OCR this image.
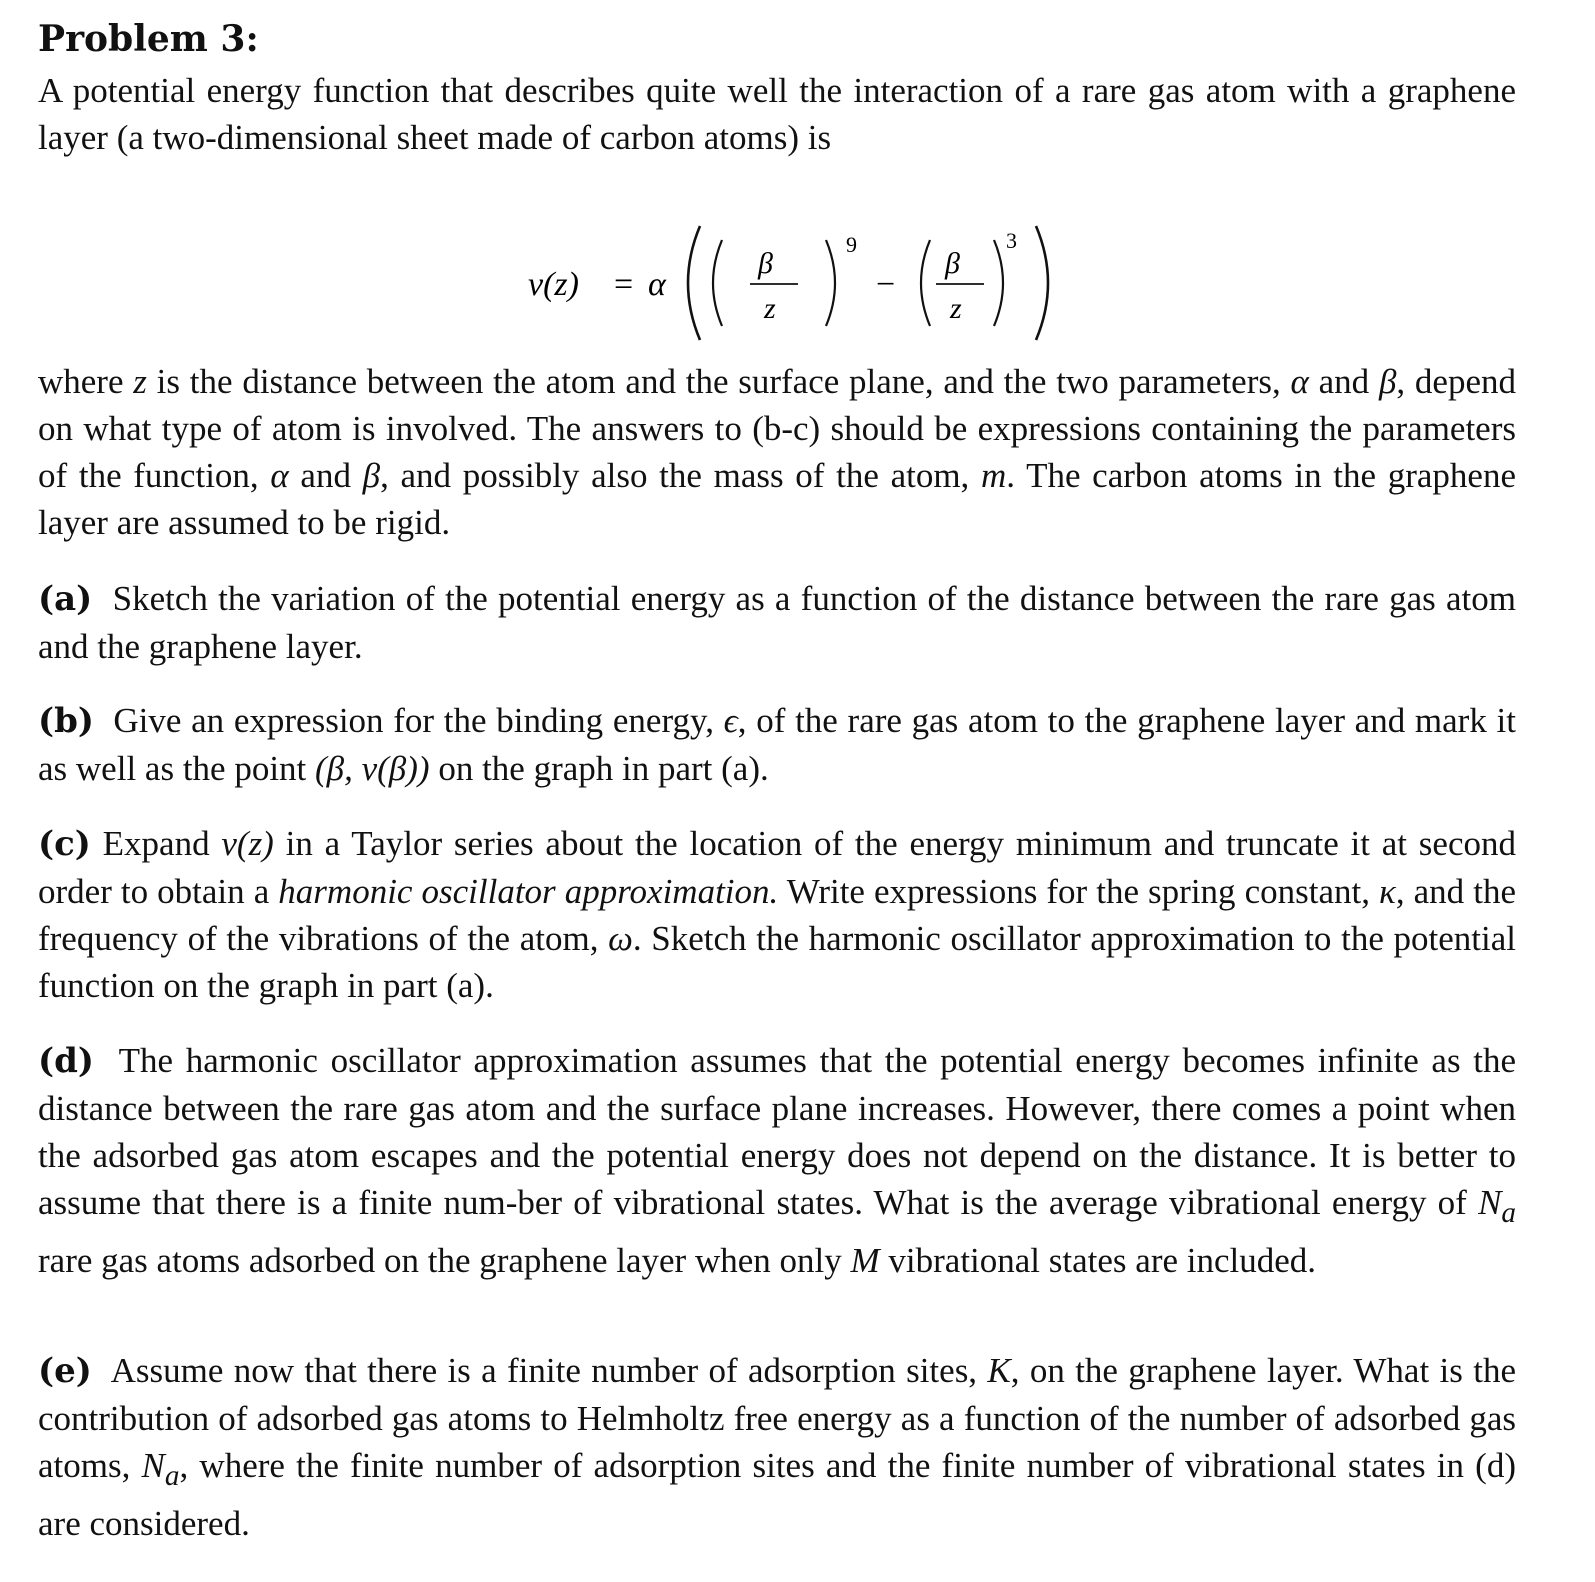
Problem 3:

A potential energy function that describes quite well the interaction of a rare gas atom with a graphene layer (a two-dimensional sheet made of carbon atoms) is

v(z) = α
β
z
9
−
β
z
3

where z is the distance between the atom and the surface plane, and the two parameters, α and β, depend on what type of atom is involved. The answers to (b-c) should be expressions containing the parameters of the function, α and β, and possibly also the mass of the atom, m. The carbon atoms in the graphene layer are assumed to be rigid.

(a) Sketch the variation of the potential energy as a function of the distance between the rare gas atom and the graphene layer.

(b) Give an expression for the binding energy, ϵ, of the rare gas atom to the graphene layer and mark it as well as the point (β, v(β)) on the graph in part (a).

(c) Expand v(z) in a Taylor series about the location of the energy minimum and truncate it at second order to obtain a harmonic oscillator approximation. Write expressions for the spring constant, κ, and the frequency of the vibrations of the atom, ω. Sketch the harmonic oscillator approximation to the potential function on the graph in part (a).

(d) The harmonic oscillator approximation assumes that the potential energy becomes infinite as the distance between the rare gas atom and the surface plane increases. However, there comes a point when the adsorbed gas atom escapes and the potential energy does not depend on the distance. It is better to assume that there is a finite num-ber of vibrational states. What is the average vibrational energy of $N_a$ rare gas atoms adsorbed on the graphene layer when only M vibrational states are included.

(e) Assume now that there is a finite number of adsorption sites, K, on the graphene layer. What is the contribution of adsorbed gas atoms to Helmholtz free energy as a function of the number of adsorbed gas atoms, $N_a$, where the finite number of adsorption sites and the finite number of vibrational states in (d) are considered.
